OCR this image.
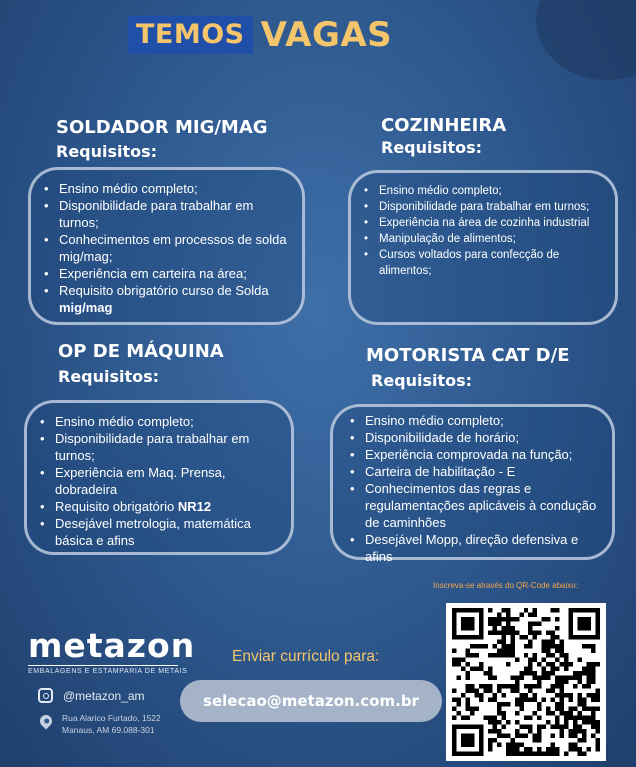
TEMOS VAGAS
SOLDADOR MIG/MAG
Requisitos:
• Ensino médio completo;
• Disponibilidade para trabalhar em turnos;
• Conhecimentos em processos de solda mig/mag;
• Experiência em carteira na área;
• Requisito obrigatório curso de Solda
mig/mag
COZINHEIRA
Requisitos:
• Ensino médio completo;
• Disponibilidade para trabalhar em turnos;
• Experiência na área de cozinha industrial
• Manipulação de alimentos;
• Cursos voltados para confecção de alimentos;
OP DE MÁQUINA
Requisitos:
• Ensino médio completo;
• Disponibilidade para trabalhar em turnos;
• Experiência em Maq. Prensa, dobradeira
• Requisito obrigatório NR12
• Desejável metrologia, matemática básica e afins
MOTORISTA CAT D/E
Requisitos:
• Ensino médio completo;
• Disponibilidade de horário;
• Experiência comprovada na função;
• Carteira de habilitação - E
• Conhecimentos das regras e regulamentações aplicáveis à condução de caminhões
• Desejável Mopp, direção defensiva e afins
metazon
EMBALAGENS E ESTAMPARIA DE METAIS
@metazon_am
Rua Alarico Furtado, 1522
Manaus, AM 69.088-301
Enviar currículo para:
selecao@metazon.com.br
Inscreva-se através do QR-Code abaixo:
